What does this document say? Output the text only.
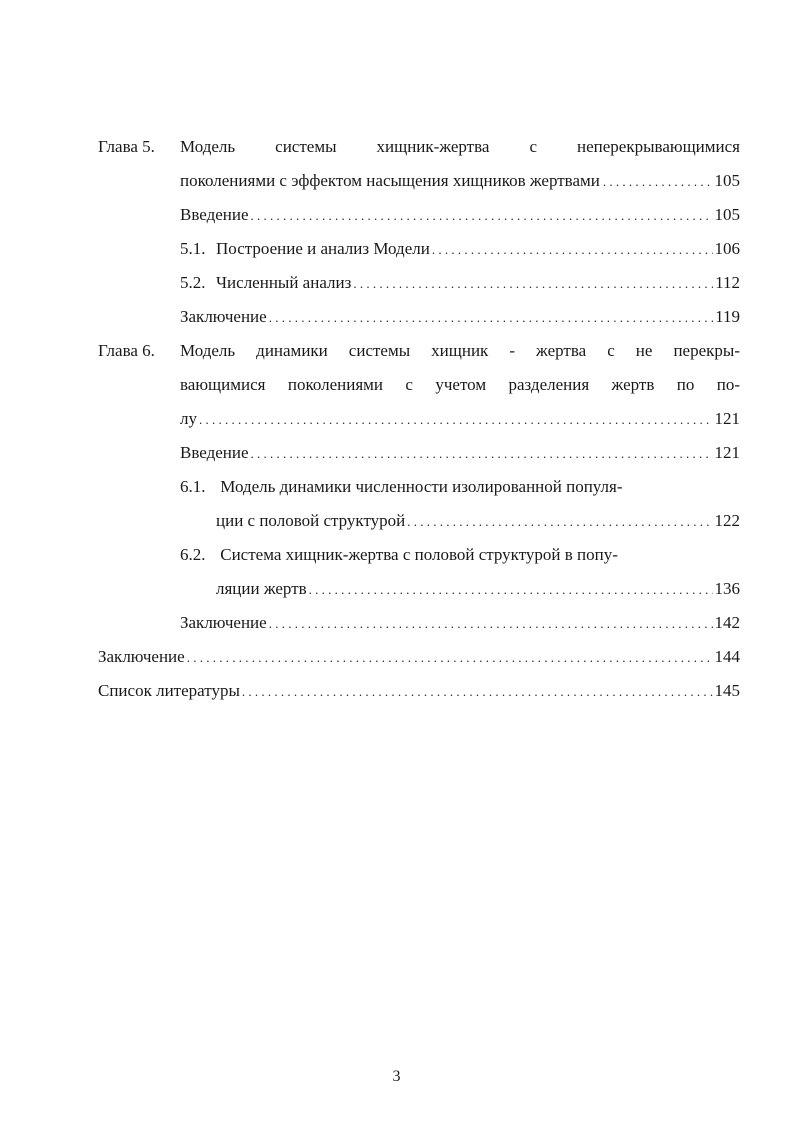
Глава 5.	Модель системы хищник-жертва с неперекрывающимися
поколениями с эффектом насыщения хищников жертвами . . .	105
Введение . . .	105
5.1. Построение и анализ Модели . . .	106
5.2. Численный анализ . . .	112
Заключение . . .	119
Глава 6.	Модель динамики системы хищник - жертва с не перекры-
вающимися поколениями с учетом разделения жертв по по-
лу . . .	121
Введение . . .	121
6.1. Модель динамики численности изолированной популя-
ции с половой структурой . . .	122
6.2. Система хищник-жертва с половой структурой в попу-
ляции жертв . . .	136
Заключение . . .	142
Заключение . . .	144
Список литературы . . .	145
3
